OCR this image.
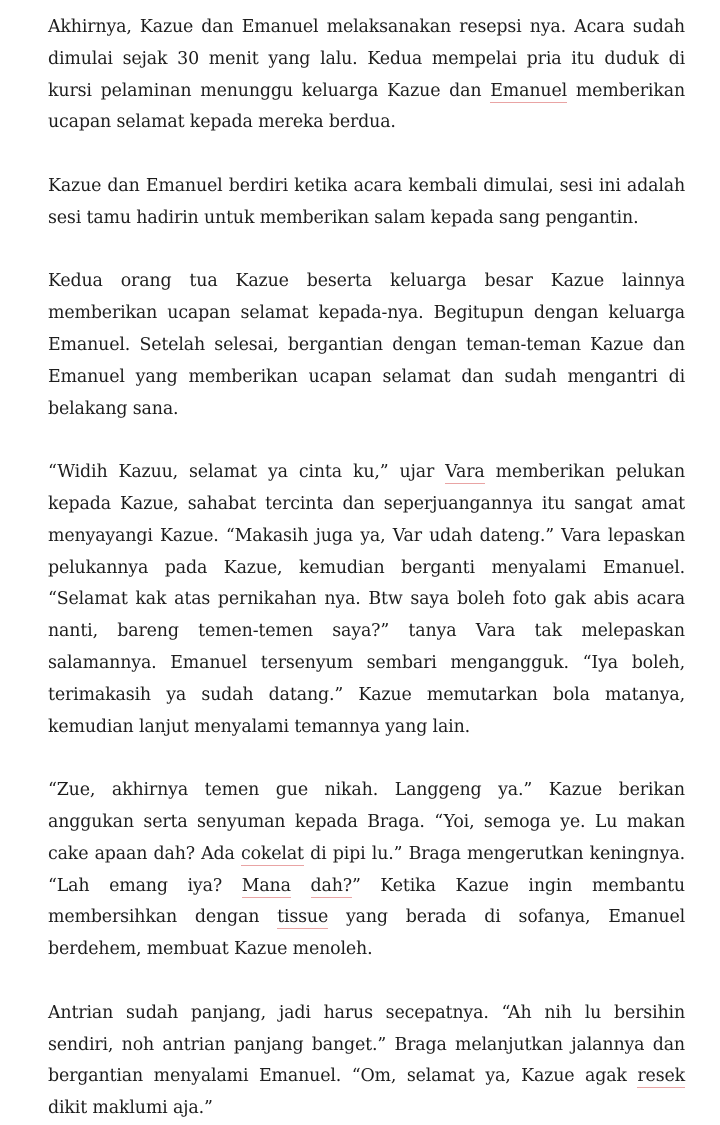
Akhirnya, Kazue dan Emanuel melaksanakan resepsi nya. Acara sudah dimulai sejak 30 menit yang lalu. Kedua mempelai pria itu duduk di kursi pelaminan menunggu keluarga Kazue dan Emanuel memberikan ucapan selamat kepada mereka berdua.

Kazue dan Emanuel berdiri ketika acara kembali dimulai, sesi ini adalah sesi tamu hadirin untuk memberikan salam kepada sang pengantin.

Kedua orang tua Kazue beserta keluarga besar Kazue lainnya memberikan ucapan selamat kepada-nya. Begitupun dengan keluarga Emanuel. Setelah selesai, bergantian dengan teman-teman Kazue dan Emanuel yang memberikan ucapan selamat dan sudah mengantri di belakang sana.

“Widih Kazuu, selamat ya cinta ku,” ujar Vara memberikan pelukan kepada Kazue, sahabat tercinta dan seperjuangannya itu sangat amat menyayangi Kazue. “Makasih juga ya, Var udah dateng.” Vara lepaskan pelukannya pada Kazue, kemudian berganti menyalami Emanuel. “Selamat kak atas pernikahan nya. Btw saya boleh foto gak abis acara nanti, bareng temen-temen saya?” tanya Vara tak melepaskan salamannya. Emanuel tersenyum sembari mengangguk. “Iya boleh, terimakasih ya sudah datang.” Kazue memutarkan bola matanya, kemudian lanjut menyalami temannya yang lain.

“Zue, akhirnya temen gue nikah. Langgeng ya.” Kazue berikan anggukan serta senyuman kepada Braga. “Yoi, semoga ye. Lu makan cake apaan dah? Ada cokelat di pipi lu.” Braga mengerutkan keningnya. “Lah emang iya? Mana dah?” Ketika Kazue ingin membantu membersihkan dengan tissue yang berada di sofanya, Emanuel berdehem, membuat Kazue menoleh.

Antrian sudah panjang, jadi harus secepatnya. “Ah nih lu bersihin sendiri, noh antrian panjang banget.” Braga melanjutkan jalannya dan bergantian menyalami Emanuel. “Om, selamat ya, Kazue agak resek dikit maklumi aja.”
